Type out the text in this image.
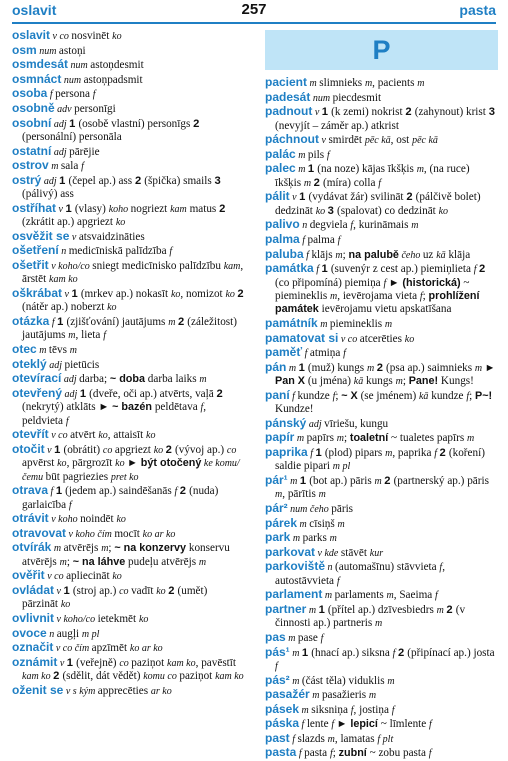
oslavit	257	pasta
oslavit v co nosvinēt ko
osm num astoņi
osmdesát num astoņdesmit
osmnáct num astoņpadsmit
osoba f persona f
osobně adv personīgi
osobní adj 1 (osobě vlastní) personīgs 2 (personální) personāla
ostatní adj pārējie
ostrov m sala f
ostrý adj 1 (čepel ap.) ass 2 (špička) smails 3 (pálivý) ass
ostříhat v 1 (vlasy) koho nogriezt kam matus 2 (zkrátit ap.) apgriezt ko
osvěžit se v atsvaidzināties
ošetření n medicīniskā palīdzība f
ošetřit v koho/co sniegt medicīnisko palīdzību kam, ārstēt kam ko
oškrábat v 1 (mrkev ap.) nokasīt ko, nomizot ko 2 (nátěr ap.) noberzt ko
otázka f 1 (zjišťování) jautājums m 2 (záležitost) jautājums m, lieta f
otec m tēvs m
oteklý adj pietūcis
otevírací adj darba; ~ doba darba laiks m
otevřený adj 1 (dveře, oči ap.) atvērts, vaļā 2 (nekrytý) atklāts ► ~ bazén peldētava f, peldvieta f
otevřít v co atvērt ko, attaisīt ko
otočit v 1 (obrátit) co apgriezt ko 2 (vývoj ap.) co apvērst ko, pārgrozīt ko ► být otočený ke komu/čemu būt pagriezies pret ko
otrava f 1 (jedem ap.) saindēšanās f 2 (nuda) garlaicība f
otrávit v koho noindēt ko
otravovat v koho čím mocīt ko ar ko
otvírák m atvērējs m; ~ na konzervy konservu atvērējs m; ~ na láhve pudeļu atvērējs m
ověřit v co apliecināt ko
ovládat v 1 (stroj ap.) co vadīt ko 2 (umět) pārzināt ko
ovlivnit v koho/co ietekmēt ko
ovoce n augļi m pl
označit v co čím apzīmēt ko ar ko
oznámit v 1 (veřejně) co paziņot kam ko, pavēstīt kam ko 2 (sdělit, dát vědět) komu co paziņot kam ko
oženit se v s kým apprecēties ar ko
P
pacient m slimnieks m, pacients m
padesát num piecdesmit
padnout v 1 (k zemi) nokrist 2 (zahynout) krist 3 (nevyjít – záměr ap.) atkrist
páchnout v smirdēt pēc kā, ost pēc kā
palác m pils f
palec m 1 (na noze) kājas īkšķis m, (na ruce) īkšķis m 2 (míra) colla f
pálit v 1 (vydávat žár) svilināt 2 (pálčivě bolet) dedzināt ko 3 (spalovat) co dedzināt ko
palivo n degviela f, kurināmais m
palma f palma f
paluba f klājs m; na palubě čeho uz kā klāja
památka f 1 (suvenýr z cest ap.) piemiņlieta f 2 (co připomíná) piemiņa f ► (historická) ~ piemineklis m, ievērojama vieta f; prohlížení památek ievērojamu vietu apskatīšana
památník m piemineklis m
pamatovat si v co atcerēties ko
paměť f atmiņa f
pán m 1 (muž) kungs m 2 (psa ap.) saimnieks m ► Pan X (u jména) kā kungs m; Pane! Kungs!
paní f kundze f; ~ X (se jménem) kā kundze f; P~! Kundze!
pánský adj vīriešu, kungu
papír m papīrs m; toaletní ~ tualetes papīrs m
paprika f 1 (plod) pipars m, paprika f 2 (koření) saldie pipari m pl
pár¹ m 1 (bot ap.) pāris m 2 (partnerský ap.) pāris m, pārītis m
pár² num čeho pāris
párek m cīsiņš m
park m parks m
parkovat v kde stāvēt kur
parkoviště n (automašīnu) stāvvieta f, autostāvvieta f
parlament m parlaments m, Saeima f
partner m 1 (přítel ap.) dzīvesbiedrs m 2 (v činnosti ap.) partneris m
pas m pase f
pás¹ m 1 (hnací ap.) siksna f 2 (připínací ap.) josta f
pás² m (část těla) viduklis m
pasažér m pasažieris m
pásek m siksniņa f, jostiņa f
páska f lente f ► lepicí ~ līmlente f
past f slazds m, lamatas f plt
pasta f pasta f; zubní ~ zobu pasta f
